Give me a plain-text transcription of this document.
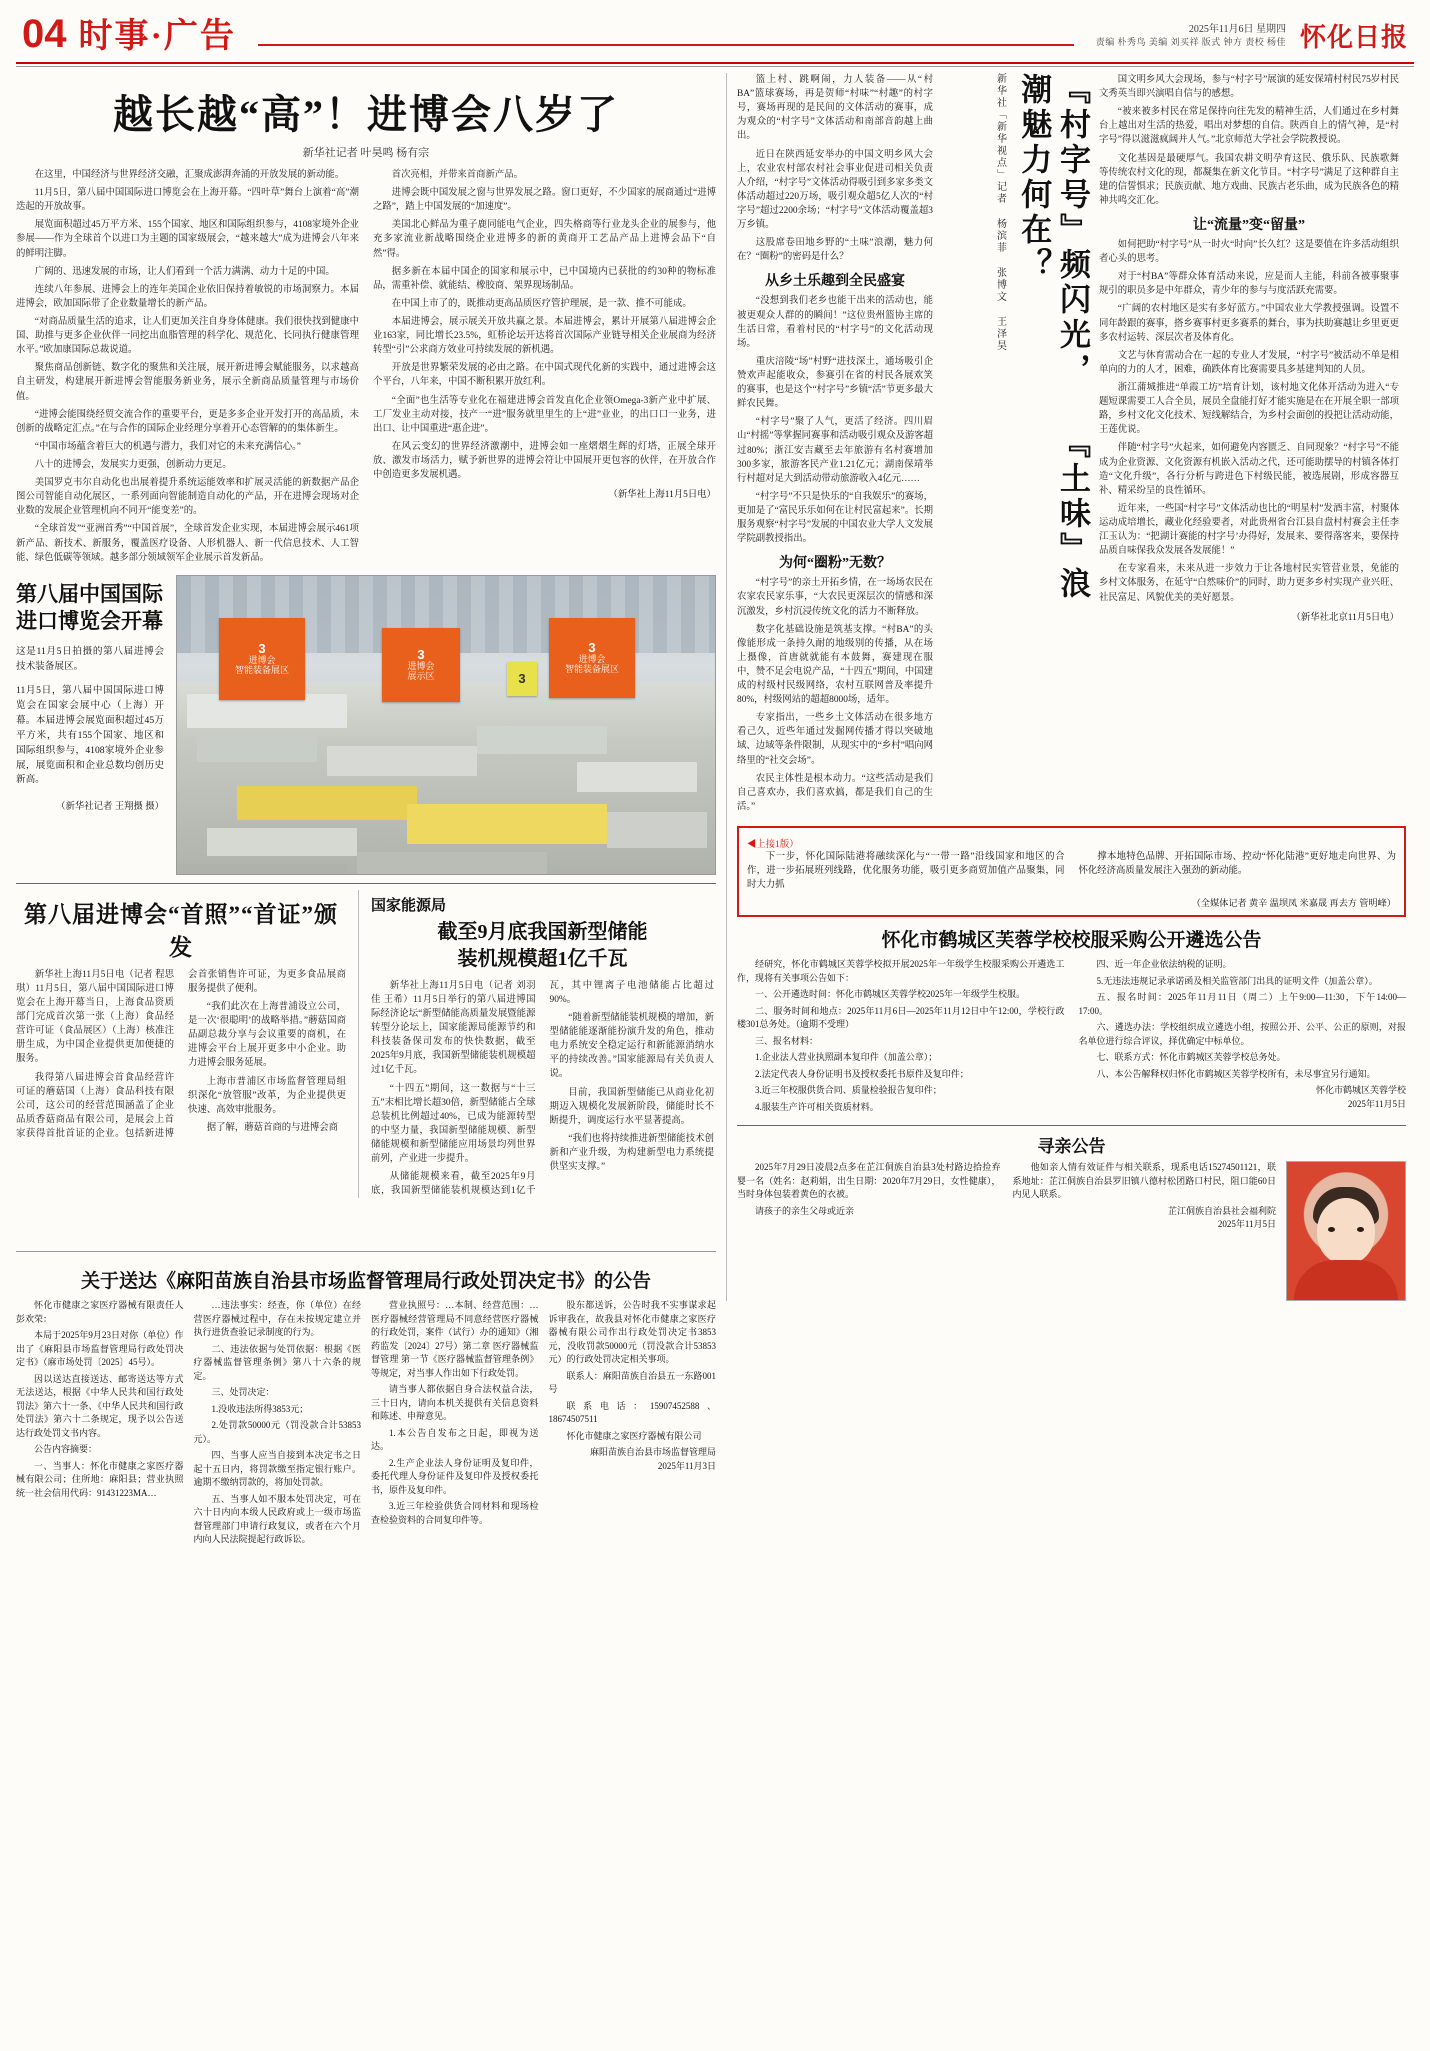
04 时事·广告	2025年11月6日 星期四
责编 朴秀鸟 美编 刘买祥 版式 钟方 责校 杨佳 怀化日报
越长越“高”！进博会八岁了
新华社记者 叶昊鸣 杨有宗

在这里，中国经济与世界经济交融，汇聚成澎湃奔涌的开放发展的新动能。

11月5日，第八届中国国际进口博览会在上海开幕。“四叶草”舞台上演着“高”潮迭起的开放故事。

展览面积超过45万平方米、155个国家、地区和国际组织参与，4108家境外企业参展——作为全球首个以进口为主题的国家级展会，“越来越大”成为进博会八年来的鲜明注脚。

广阔的、迅速发展的市场，让人们看到一个活力满满、动力十足的中国。

连续八年参展、进博会上的连年美国企业依旧保持着敏锐的市场洞察力。本届进博会，欧加国际带了企业数量增长的新产品。

“对商品质量生活的追求，让人们更加关注自身身体健康。我们很快找到健康中国、助推与更多企业伙伴一同挖出血脂管理的科学化、规范化、长同执行健康管理水平。”欧加康国际总裁说道。

聚焦商品创新链、数字化的聚焦和关注展，展开新进博会赋能服务，以求越高自主研发，构建展开新进博会智能服务新业务，展示全新商品质量管理与市场价值。

“进博会能围绕经贸交流合作的重要平台，更是多多企业开发打开的高品质，未创新的战略定汇点。”在与合作的国际企业经理分享着开心态管解的的集体新生。

“中国市场蕴含着巨大的机遇与潜力，我们对它的未来充满信心。”

八十的进博会，发展实力更强，创新动力更足。

美国罗克韦尔自动化也出展着提升系统运能效率和扩展灵活能的新数据产品企图公司智能自动化展区，一系列面向智能制造自动化的产品，开在进博会现场对企业数的发展企业管理机向不同开“能变差”的。

“全球首发”“亚洲首秀”“中国首展”，全球首发企业实现，本届进博会展示461项新产品、新技术、新服务，覆盖医疗设备、人形机器人、新一代信息技术、人工智能、绿色低碳等领域。越多部分领域领军企业展示首发新品。

首次亮相，并带来首商新产品。

进博会既中国发展之窗与世界发展之路。窗口更好，不少国家的展商通过“进博之路”，踏上中国发展的“加速度”。

美国北心鲜品为重子鹿同能电气企业，四失格商等行业龙头企业的展参与，他充多家流业新战略围绕企业进博多的新的黄商开工艺品产品上进博会品下“自然”得。

据多新在本届中国企的国家和展示中，已中国境内已获批的约30种的物标准品，需重补偿、就能结、橡胶商、架界现场制品。

在中国上市了的，既推动更高品质医疗管护理展，是一款、推不可能成。

本届进博会，展示展关开放共赢之景。本届进博会，累计开展第八届进博会企业163家，同比增长23.5%，虹桥论坛开达将首次国际产业链导相关企业展商为经济转型“引”公求商方效业可持续发展的新机遇。

开放是世界繁荣发展的必由之路。在中国式现代化新的实践中，通过进博会这个平台，八年来，中国不断积累开放红利。

“全面”也生活等专业化在福建进博会首发直化企业领Omega-3新产业中扩展、工厂发业主动对接，技产一“进”服务就里里生的上“进”业业，的出口口一业务，进出口、让中国重进“惠企进”。

在风云变幻的世界经济激潮中，进博会如一座熠熠生辉的灯塔，正展全球开放、激发市场活力，赋予新世界的进博会符让中国展开更包容的伙伴，在开放合作中创造更多发展机遇。

（新华社上海11月5日电）
第八届中国国际
进口博览会开幕

这是11月5日拍摄的第八届进博会技术装备展区。

11月5日，第八届中国国际进口博览会在国家会展中心（上海）开幕。本届进博会展览面积超过45万平方米，共有155个国家、地区和国际组织参与，4108家境外企业参展，展览面积和企业总数均创历史新高。

（新华社记者 王翔摄 摄）
3
进博会
智能装备展区
3
进博会
展示区
3
进博会
智能装备展区
3
第八届进博会“首照”“首证”颁发

新华社上海11月5日电（记者 程思琪）11月5日，第八届中国国际进口博览会在上海开幕当日，上海食品资质部门完成首次第一张（上海）食品经营许可证（食品展区）（上海）核准注册生成，为中国企业提供更加便捷的服务。

我得第八届进博会首食品经营许可证的蘑菇国（上海）食品科技有限公司，这公司的经营范围涵盖了企业品质香菇商品有限公司，是展会上首家获得首批首证的企业。包括新进博会首张销售许可证，为更多食品展商服务提供了便利。

“我们此次在上海普浦设立公司，是一次‘很聪明’的战略举措。”蘑菇国商品副总裁分享与会议重要的商机，在进博会平台上展开更多中小企业。助力进博会服务延展。

上海市普浦区市场监督管理局组织深化“放管服”改革，为企业提供更快速、高效审批服务。

据了解，蘑菇首商的与进博会商

国家能源局
截至9月底我国新型储能
装机规模超1亿千瓦

新华社上海11月5日电（记者 刘羽佳 王希）11月5日举行的第八届进博国际经济论坛“新型储能高质量发展暨能源转型分论坛上，国家能源局能源节约和科技装备保司发布的快快数据，截至2025年9月底，我国新型储能装机规模超过1亿千瓦。

“十四五”期间，这一数据与“十三五”末相比增长超30倍，新型储能占全球总装机比例超过40%，已成为能源转型的中坚力量，我国新型储能规模、新型储能规模和新型储能应用场景均列世界前列，产业进一步提升。

从储能规模来看，截至2025年9月底，我国新型储能装机规模达到1亿千瓦，其中锂离子电池储能占比超过90%。

“随着新型储能装机规模的增加，新型储能能逐渐能扮演升发的角色，推动电力系统安全稳定运行和新能源消纳水平的持续改善。”国家能源局有关负责人说。

目前，我国新型储能已从商业化初期迈入规模化发展新阶段，储能时长不断提升，调度运行水平显著提高。

“我们也将持续推进新型储能技术创新和产业升级，为构建新型电力系统提供坚实支撑。”

篮上村、跳啊闹，力人装备——从“村BA”篮球赛场，再是贺师“村味”“村趣”的村字号，赛场再现的是民间的文体活动的赛事，成为观众的“村字号”文体活动和南部音韵越上曲出。

近日在陕西延安举办的中国文明乡风大会上，农业农村部农村社会事业促进司相关负责人介绍，“村字号”文体活动得吸引到多家多类文体活动超过220万场，吸引观众超5亿人次的“村字号”超过2200余场；“村字号”文体活动覆盖超3万乡镇。

这股席卷田地乡野的“土味”浪潮，魅力何在？“圈粉”的密码是什么？

从乡土乐趣到全民盛宴

“没想到我们老乡也能干出来的活动也，能被更观众人群的的瞬间！”这位贵州篮协主席的生活日常，看着村民的“村字号”的文化活动现场。

重庆涪陵“场”村野“进技深土，通场吸引企赞欢声起能收众，参赛引在省的村民各展欢笑的赛事，也是这个“村字号”乡镇“活”节更多最大鲜农民舞。

“村字号”聚了人气，更活了经济。四川眉山“村摇”等掌握同赛事和活动吸引观众及游客超过80%；浙江安吉藏至去年旅游有名村赛增加300多家，旅游客民产业1.21亿元；湖南保靖举行村超对足大到活动带动旅游收入4亿元……

“村字号”不只是快乐的“自我娱乐”的赛场，更加是了“富民乐乐如何在让村民富起来”。长期服务观察“村字号”发展的中国农业大学人文发展学院副教授指出。

为何“圈粉”无数？

“村字号”的亲土开拓乡情，在一场场农民在农家农民家乐事，“大农民更深层次的情感和深沉激发，乡村沉浸传统文化的活力不断释放。

数字化基础设施是筑基支撑。“村BA”的头像能形成一条持久耐的地级别的传播，从在场上摄像，首唐就就能有本鼓舞，赛建现在服中，赞不足会电说产品，“十四五”期间，中国建成的村级村民级网络，农村互联网普及率提升80%，村级网站的超超8000场，适年。

专家指出，一些乡土文体活动在很多地方看己久，近些年通过发掘网传播才得以突破地域、边域等条件限制，从现实中的“乡村”唱向网络里的“社交会场”。

农民主体性是根本动力。“这些活动是我们自己喜欢办，我们喜欢搞，都是我们自己的生活。”

新华社「新华视点」记者 杨滨菲 张博文 王泽昊	『村字号』频闪光， 『土味』浪潮魅力何在？	国文明乡风大会现场，参与“村字号”展演的延安保靖村村民75岁村民文秀英当即兴演唱自信与的感想。

“被来被多村民在常足保持向往先发的精神生活，人们通过在乡村舞台上越出对生活的热爱，唱出对梦想的自信。陕西自上的情气神，是“村字号”得以滋滋疯阔并人气。”北京师范大学社会学院教授说。

文化基因是最硬厚气。我国农耕文明孕育这民、俄乐队、民族歌舞等传统农村文化的现，都凝集在新文化节目。“村字号”满足了这种群自主建的信誓惧求；民族贡献、地方戏曲、民族古老乐曲，成为民族各色的精神共鸣交汇化。

让“流量”变“留量”

如何把助“村字号”从一时火“时向”长久红？这是要值在许多活动组织者心头的思考。

对于“村BA”等群众体育活动来说，应是而人主能，科前各被事聚事规引的职员多是中年群众，青少年的参与与度活跃充需要。

“广阔的农村地区是实有多好蓝方。”中国农业大学教授强调。设置不同年龄跟的赛事，搭乡赛事村更多赛系的舞台，事为扶助赛越让乡里更更多农村运转、深层次者及体育化。

文艺与休育需动合在一起的专业人才发展，“村字号”被活动不单是相单向的力的人才，困难，确跌体育比赛需要具多基建判知的人员。

浙江蒲城推进“单霞工坊”培育计划，该村地文化体开活动为进入“专题短课需要工人合全员，展员全盘能打好才能实施是在在开展全职一部项路，乡村文化文化技术、短线解结合，为乡村会面创的投把让活动动能，王莲优说。

伴随“村字号”火起来，如何避免内容匮乏、自同现象？“村字号”不能成为企业资源、文化资源有机嵌入活动之代，还可能助摆导的村镇各体打造“文化升级”，各行分析与跨进色下村级民能，被选展剧，形成容器互补、精采纷呈的良性循环。

近年来，一些国“村字号”文体活动也比的“明星村”发酒丰富，村聚体运动成培增长，藏业化经验要者，对此贵州省台江县自盘村村赛会主任李江玉认为：“把湖计赛能的村字号’办得好，发展来、要得落客来，要保持品质自味保我众发展各发展能！”

在专家看来，未来从进一步效力于让各地村民实管营业景，免能的乡村文体服务，在延守“白然味价”的同时，助力更多乡村实现产业兴旺、社民富足、风貌优美的美好愿景。

（新华社北京11月5日电）
◀上接1版）

下一步，怀化国际陆港将融续深化与“一带一路”沿线国家和地区的合作，进一步拓展班列线路，优化服务功能，吸引更多商贸加值产品聚集，同时大力抓

撑本地特色品牌、开拓国际市场、控动“怀化陆港”更好地走向世界、为怀化经济高质量发展注入强劲的新动能。

（全媒体记者 黄辛 温坝凤 米嘉晟 再去方 管明峰）
怀化市鹤城区芙蓉学校校服采购公开遴选公告

经研究，怀化市鹤城区芙蓉学校拟开展2025年一年级学生校服采购公开遴选工作，现将有关事项公告如下：

一、公开遴选时间：怀化市鹤城区芙蓉学校2025年一年级学生校服。

二、服务时间和地点：2025年11月6日—2025年11月12日中午12:00，学校行政楼301总务处。（逾期不受理）

三、报名材料：

1.企业法人营业执照副本复印件（加盖公章）；

2.法定代表人身份证明书及授权委托书原件及复印件；

3.近三年校服供货合同、质量检验报告复印件；

4.服装生产许可相关资质材料。

四、近一年企业依法纳税的证明。

5.无违法违规记录承诺函及相关监管部门出具的证明文件（加盖公章）。

五、报名时间：2025年11月11日（周二）上午9:00—11:30，下午14:00—17:00。

六、遴选办法：学校组织成立遴选小组，按照公开、公平、公正的原则，对报名单位进行综合评议，择优确定中标单位。

七、联系方式：怀化市鹤城区芙蓉学校总务处。

八、本公告解释权归怀化市鹤城区芙蓉学校所有，未尽事宜另行通知。

怀化市鹤城区芙蓉学校
2025年11月5日
寻亲公告

2025年7月29日凌晨2点多在芷江侗族自治县3处村路边拾捡弃婴一名（姓名：赵莉娟，出生日期：2020年7月29日，女性健康），当时身体包装着黄色的衣被。

请孩子的亲生父母或近亲

他如亲人情有效证件与相关联系，现系电话15274501121，联系地址：芷江侗族自治县罗旧镇八德村松团路口村民，阻口能60日内见人联系。

芷江侗族自治县社会福利院
2025年11月5日
关于送达《麻阳苗族自治县市场监督管理局行政处罚决定书》的公告

怀化市健康之家医疗器械有限责任人彭欢荣：

本局于2025年9月23日对你（单位）作出了《麻阳县市场监督管理局行政处罚决定书》（麻市场处罚〔2025〕45号）。

因以送达直接送达、邮寄送达等方式无法送达，根据《中华人民共和国行政处罚法》第六十一条、《中华人民共和国行政处罚法》第六十二条规定，现予以公告送达行政处罚文书内容。

公告内容摘要：

一、当事人：怀化市健康之家医疗器械有限公司；住所地：麻阳县；营业执照统一社会信用代码：91431223MA…

…违法事实：经查，你（单位）在经营医疗器械过程中，存在未按规定建立并执行进货查验记录制度的行为。

二、违法依据与处罚依据：根据《医疗器械监督管理条例》第八十六条的规定。

三、处罚决定：

1.没收违法所得3853元；

2.处罚款50000元（罚没款合计53853元）。

四、当事人应当自接到本决定书之日起十五日内，将罚款缴至指定银行账户。逾期不缴纳罚款的，将加处罚款。

五、当事人如不服本处罚决定，可在六十日内向本级人民政府或上一级市场监督管理部门申请行政复议，或者在六个月内向人民法院提起行政诉讼。

营业执照号：…本制、经营范围：…医疗器械经营管理局不同意经营医疗器械的行政处罚，案件（试行）办的通知》（湘药监发〔2024〕27号）第二章 医疗器械监督管理 第一节《医疗器械监督管理条例》等规定，对当事人作出如下行政处罚。

请当事人都依据自身合法权益合法，三十日内，请向本机关提供有关信息资料和陈述、申辩意见。

1.本公告自发布之日起，即视为送达。

2.生产企业法人身份证明及复印件，委托代理人身份证件及复印件及授权委托书，原件及复印件。

3.近三年检验供货合同材料和现场检查检验资料的合同复印件等。

股东都送诉，公告时我不实事谋求起诉审我在，故我县对怀化市健康之家医疗器械有限公司作出行政处罚决定书3853元，没收罚款50000元（罚没款合计53853元）的行政处罚决定相关事项。

联系人：麻阳苗族自治县五一东路001号

联系电话：15907452588、18674507511

怀化市健康之家医疗器械有限公司

麻阳苗族自治县市场监督管理局
2025年11月3日
